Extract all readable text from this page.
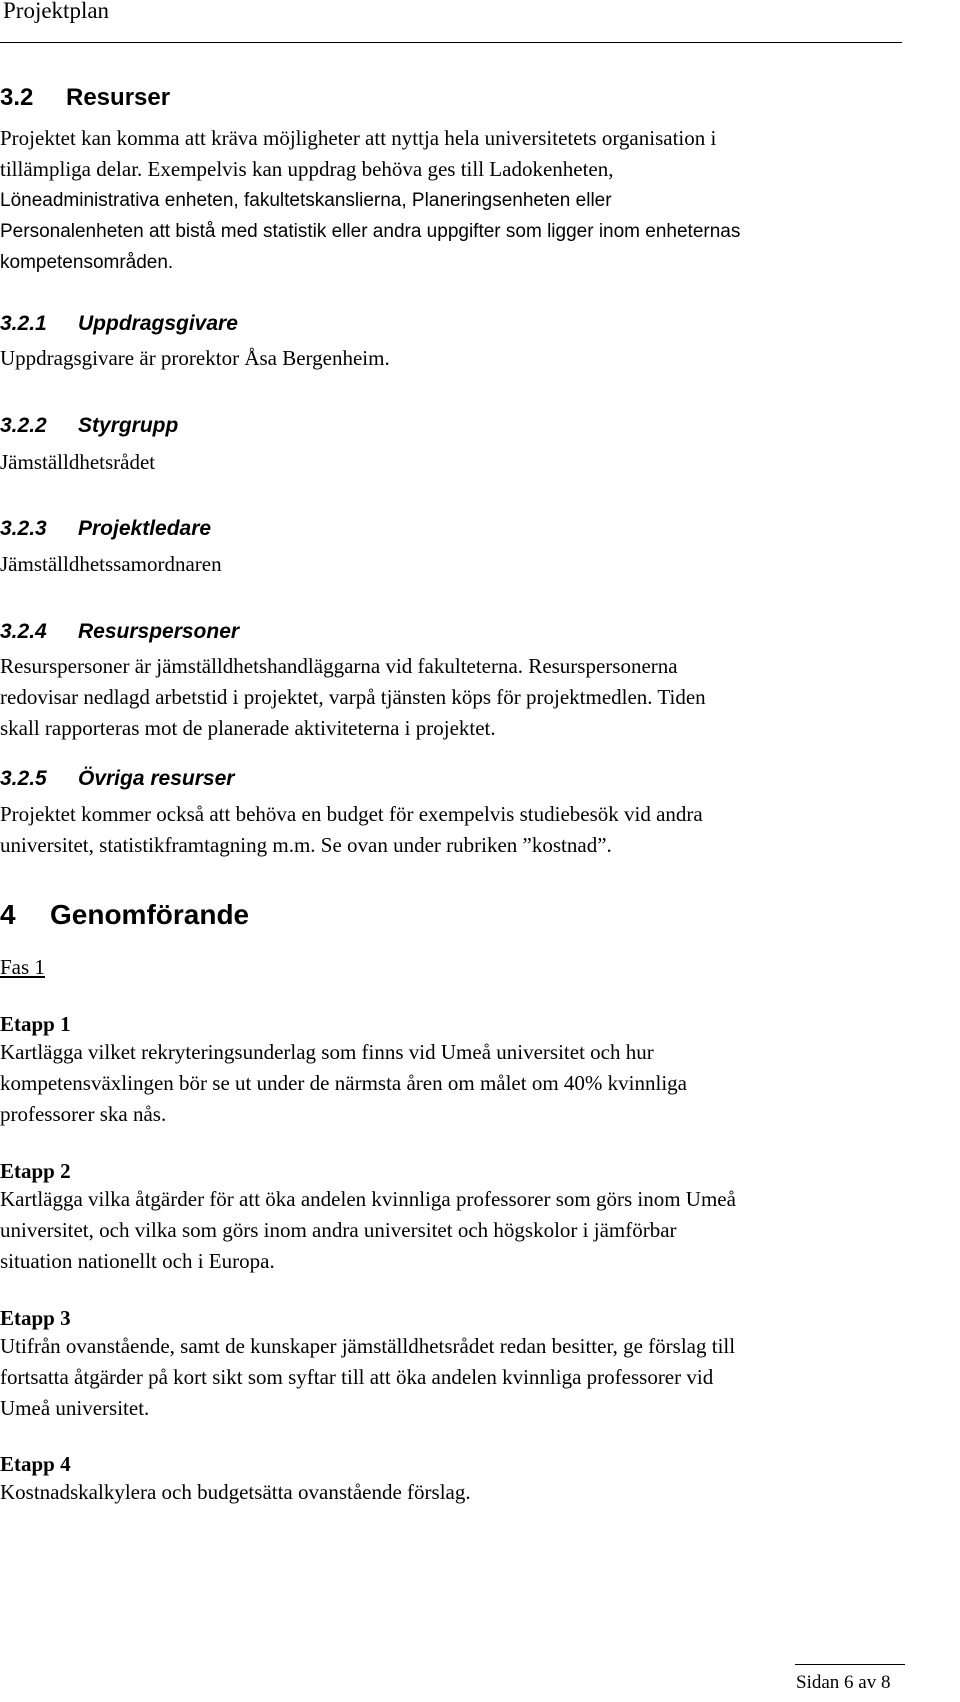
Projektplan
3.2 Resurser
Projektet kan komma att kräva möjligheter att nyttja hela universitetets organisation i
tillämpliga delar. Exempelvis kan uppdrag behöva ges till Ladokenheten,
Löneadministrativa enheten, fakultetskanslierna, Planeringsenheten eller
Personalenheten att bistå med statistik eller andra uppgifter som ligger inom enheternas
kompetensområden.
3.2.1 Uppdragsgivare
Uppdragsgivare är prorektor Åsa Bergenheim.
3.2.2 Styrgrupp
Jämställdhetsrådet
3.2.3 Projektledare
Jämställdhetssamordnaren
3.2.4 Resurspersoner
Resurspersoner är jämställdhetshandläggarna vid fakulteterna. Resurspersonerna
redovisar nedlagd arbetstid i projektet, varpå tjänsten köps för projektmedlen. Tiden
skall rapporteras mot de planerade aktiviteterna i projektet.
3.2.5 Övriga resurser
Projektet kommer också att behöva en budget för exempelvis studiebesök vid andra
universitet, statistikframtagning m.m. Se ovan under rubriken ”kostnad”.
4 Genomförande
Fas 1
Etapp 1
Kartlägga vilket rekryteringsunderlag som finns vid Umeå universitet och hur
kompetensväxlingen bör se ut under de närmsta åren om målet om 40% kvinnliga
professorer ska nås.
Etapp 2
Kartlägga vilka åtgärder för att öka andelen kvinnliga professorer som görs inom Umeå
universitet, och vilka som görs inom andra universitet och högskolor i jämförbar
situation nationellt och i Europa.
Etapp 3
Utifrån ovanstående, samt de kunskaper jämställdhetsrådet redan besitter, ge förslag till
fortsatta åtgärder på kort sikt som syftar till att öka andelen kvinnliga professorer vid
Umeå universitet.
Etapp 4
Kostnadskalkylera och budgetsätta ovanstående förslag.
Sidan 6 av 8
